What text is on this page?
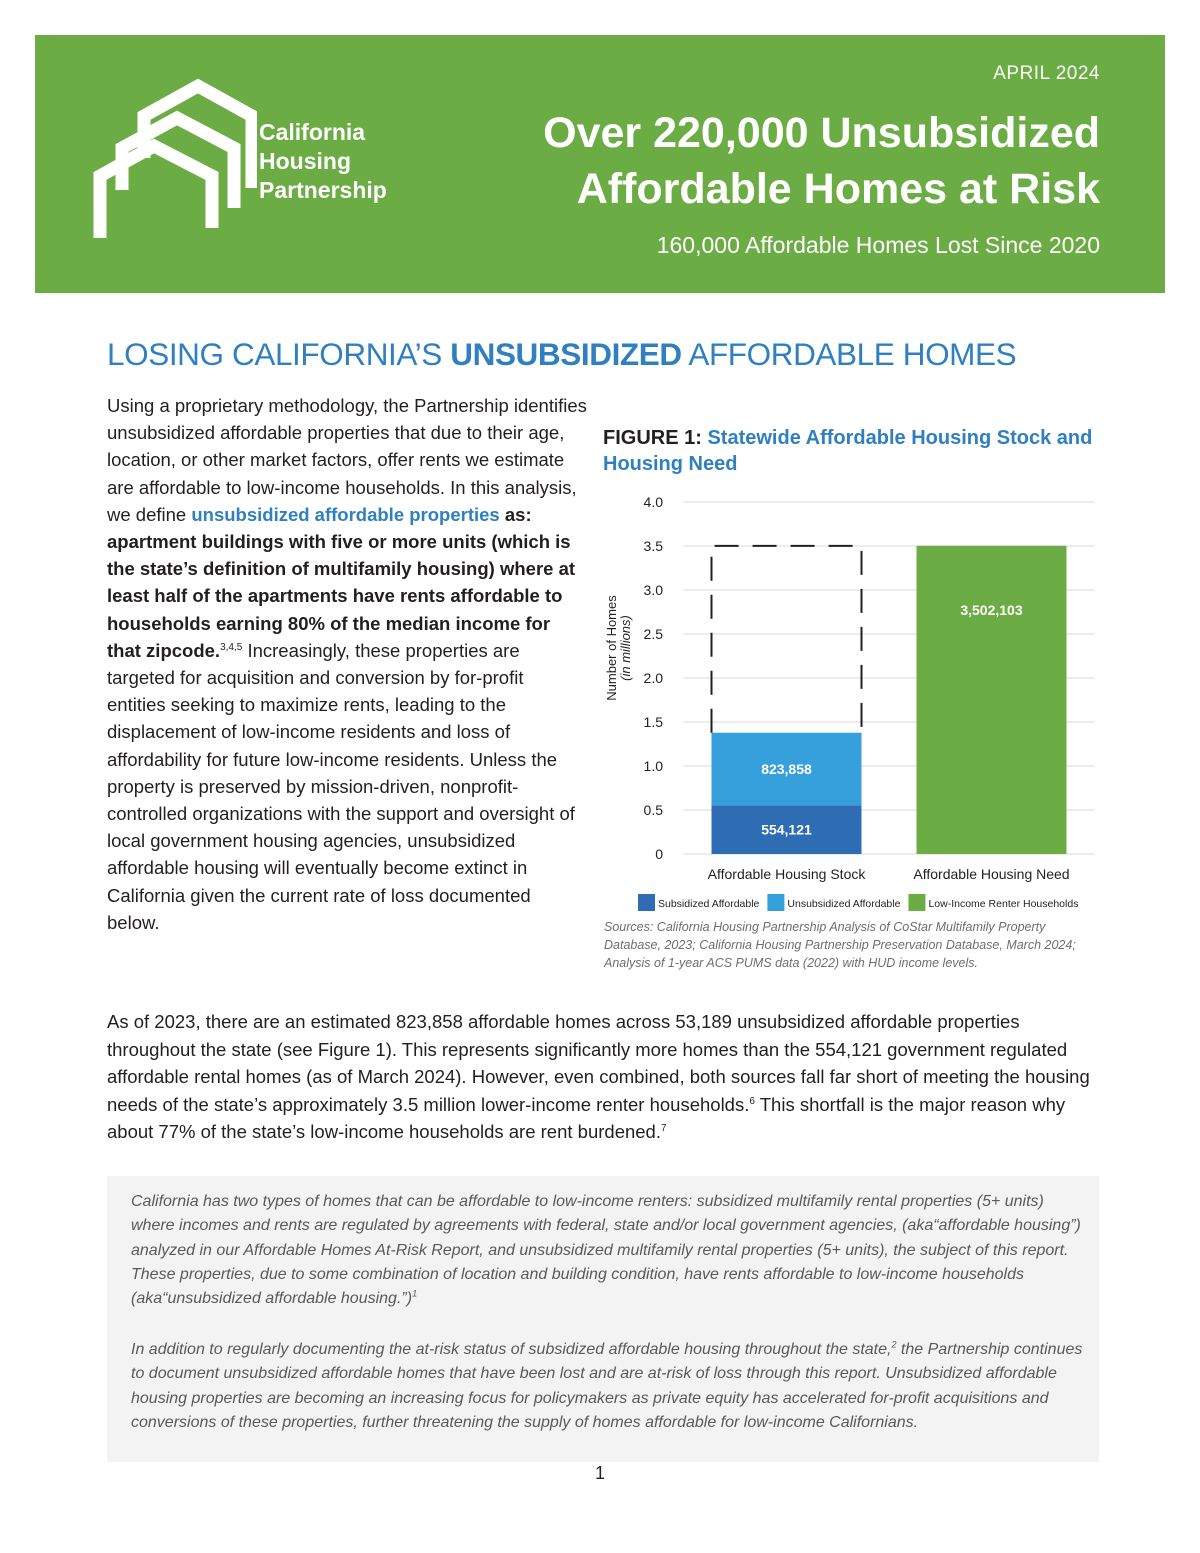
California
Housing
Partnership
APRIL 2024
Over 220,000 Unsubsidized
Affordable Homes at Risk
160,000 Affordable Homes Lost Since 2020
LOSING CALIFORNIA’S UNSUBSIDIZED AFFORDABLE HOMES
Using a proprietary methodology, the Partnership identifies unsubsidized affordable properties that due to their age, location, or other market factors, offer rents we estimate are affordable to low-income households. In this analysis, we define unsubsidized affordable properties as: apartment buildings with five or more units (which is the state’s definition of multifamily housing) where at least half of the apartments have rents affordable to households earning 80% of the median income for that zipcode.$^{3,4,5}$ Increasingly, these properties are targeted for acquisition and conversion by for-profit entities seeking to maximize rents, leading to the displacement of low-income residents and loss of affordability for future low-income residents. Unless the property is preserved by mission-driven, nonprofit-controlled organizations with the support and oversight of local government housing agencies, unsubsidized affordable housing will eventually become extinct in California given the current rate of loss documented below.
FIGURE 1: Statewide Affordable Housing Stock and Housing Need
0
0.5
1.0
1.5
2.0
2.5
3.0
3.5
4.0
Number of Homes (in millions)
554,121
823,858
3,502,103
Affordable Housing Stock	Affordable Housing Need
Subsidized Affordable	Unsubsidized Affordable	Low-Income Renter Households
Sources: California Housing Partnership Analysis of CoStar Multifamily Property Database, 2023; California Housing Partnership Preservation Database, March 2024; Analysis of 1-year ACS PUMS data (2022) with HUD income levels.
As of 2023, there are an estimated 823,858 affordable homes across 53,189 unsubsidized affordable properties throughout the state (see Figure 1). This represents significantly more homes than the 554,121 government regulated affordable rental homes (as of March 2024). However, even combined, both sources fall far short of meeting the housing needs of the state’s approximately 3.5 million lower-income renter households.$^6$ This shortfall is the major reason why about 77% of the state’s low-income households are rent burdened.$^7$

California has two types of homes that can be affordable to low-income renters: subsidized multifamily rental properties (5+ units) where incomes and rents are regulated by agreements with federal, state and/or local government agencies, (aka“affordable housing”) analyzed in our Affordable Homes At-Risk Report, and unsubsidized multifamily rental properties (5+ units), the subject of this report. These properties, due to some combination of location and building condition, have rents affordable to low-income households (aka“unsubsidized affordable housing.”)$^1$

In addition to regularly documenting the at-risk status of subsidized affordable housing throughout the state,$^2$ the Partnership continues to document unsubsidized affordable homes that have been lost and are at-risk of loss through this report. Unsubsidized affordable housing properties are becoming an increasing focus for policymakers as private equity has accelerated for-profit acquisitions and conversions of these properties, further threatening the supply of homes affordable for low-income Californians.

1
